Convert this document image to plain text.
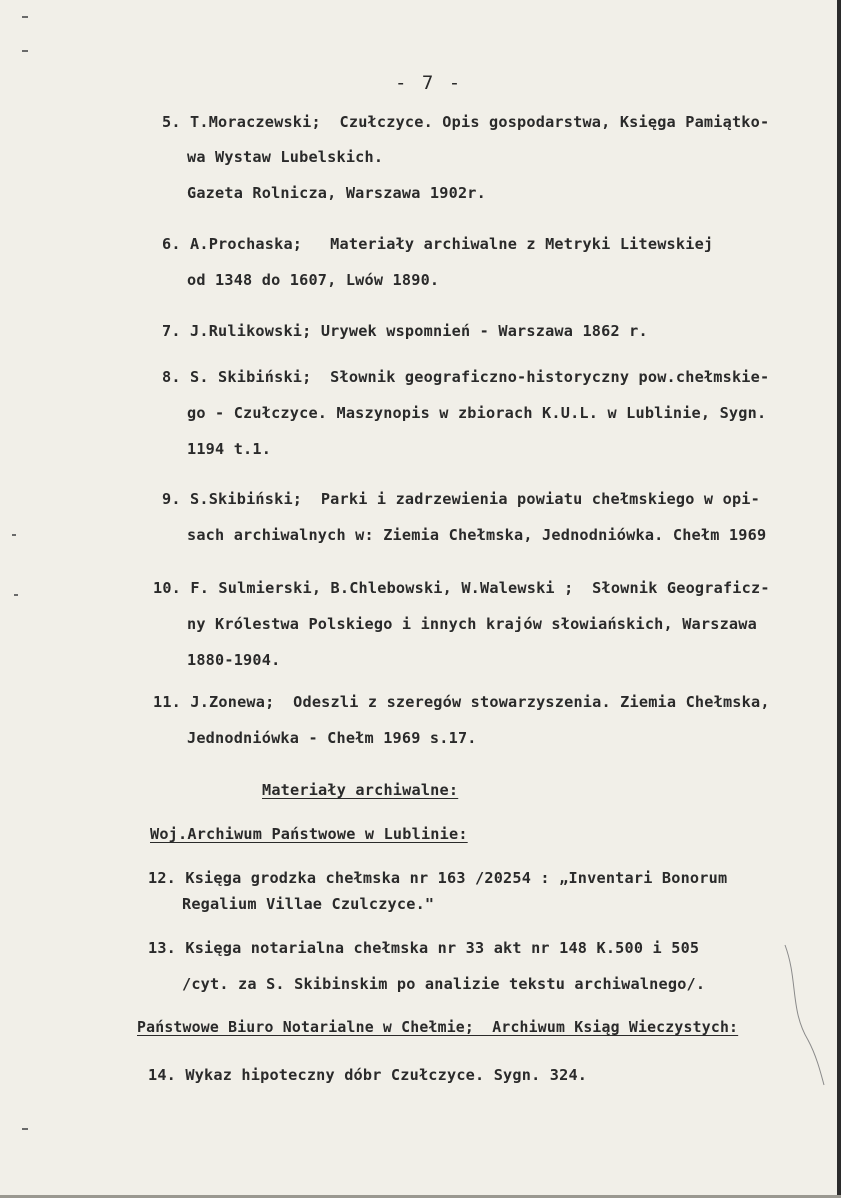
- 7 -
5. T.Moraczewski;  Czułczyce. Opis gospodarstwa, Księga Pamiątko-
wa Wystaw Lubelskich.
Gazeta Rolnicza, Warszawa 1902r.
6. A.Prochaska;   Materiały archiwalne z Metryki Litewskiej
od 1348 do 1607, Lwów 1890.
7. J.Rulikowski; Urywek wspomnień - Warszawa 1862 r.
8. S. Skibiński;  Słownik geograficzno-historyczny pow.chełmskie-
go - Czułczyce. Maszynopis w zbiorach K.U.L. w Lublinie, Sygn.
1194 t.1.
9. S.Skibiński;  Parki i zadrzewienia powiatu chełmskiego w opi-
sach archiwalnych w: Ziemia Chełmska, Jednodniówka. Chełm 1969
10. F. Sulmierski, B.Chlebowski, W.Walewski ;  Słownik Geograficz-
ny Królestwa Polskiego i innych krajów słowiańskich, Warszawa
1880-1904.
11. J.Zonewa;  Odeszli z szeregów stowarzyszenia. Ziemia Chełmska,
Jednodniówka - Chełm 1969 s.17.
Materiały archiwalne:
Woj.Archiwum Państwowe w Lublinie:
12. Księga grodzka chełmska nr 163 /20254 : „Inventari Bonorum
Regalium Villae Czulczyce."
13. Księga notarialna chełmska nr 33 akt nr 148 K.500 i 505
/cyt. za S. Skibinskim po analizie tekstu archiwalnego/.
Państwowe Biuro Notarialne w Chełmie;  Archiwum Ksiąg Wieczystych:
14. Wykaz hipoteczny dóbr Czułczyce. Sygn. 324.
